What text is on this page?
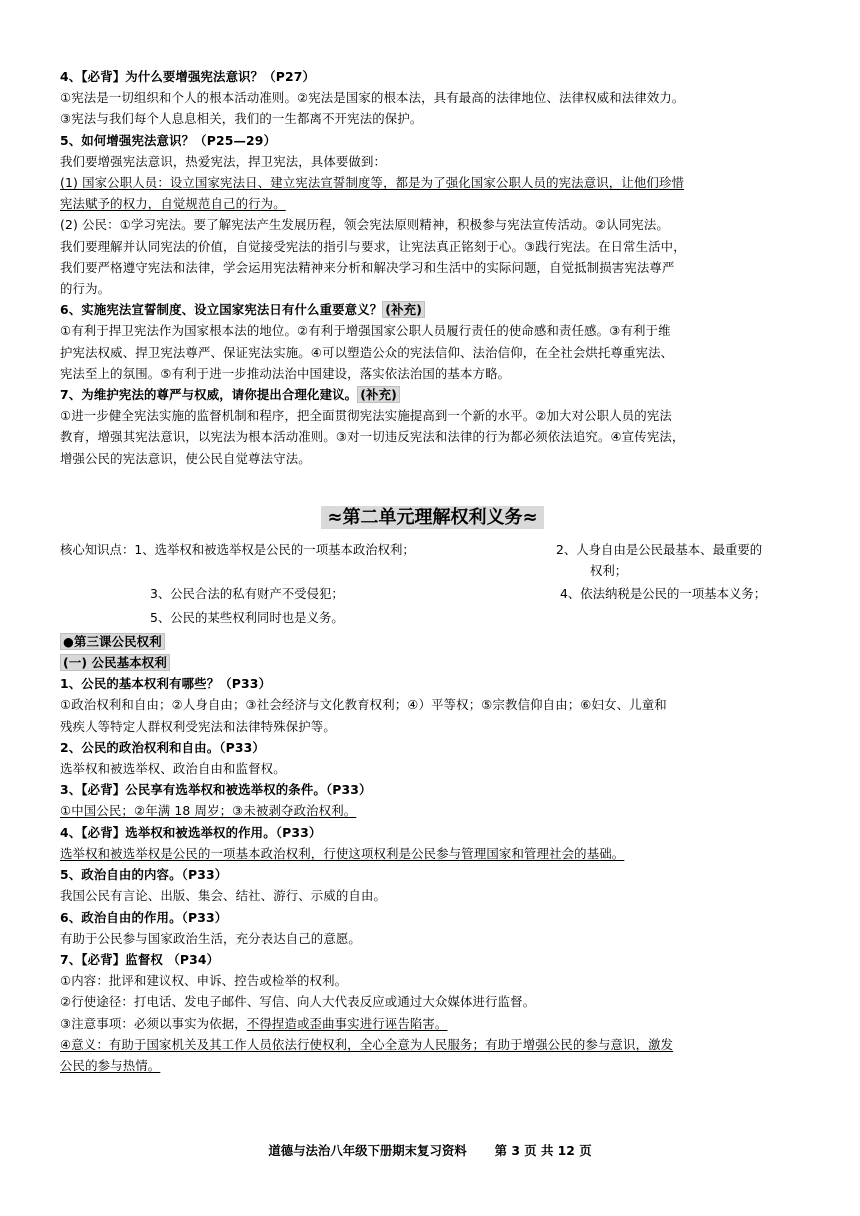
4、【必背】为什么要增强宪法意识？（P27）
①宪法是一切组织和个人的根本活动准则。②宪法是国家的根本法，具有最高的法律地位、法律权威和法律效力。
③宪法与我们每个人息息相关，我们的一生都离不开宪法的保护。
5、如何增强宪法意识？（P25—29）
我们要增强宪法意识，热爱宪法，捍卫宪法，具体要做到：
(1) 国家公职人员：设立国家宪法日、建立宪法宣誓制度等，都是为了强化国家公职人员的宪法意识，让他们珍惜
宪法赋予的权力，自觉规范自己的行为。
(2) 公民：①学习宪法。要了解宪法产生发展历程，领会宪法原则精神，积极参与宪法宣传活动。②认同宪法。
我们要理解并认同宪法的价值，自觉接受宪法的指引与要求，让宪法真正铭刻于心。③践行宪法。在日常生活中，
我们要严格遵守宪法和法律，学会运用宪法精神来分析和解决学习和生活中的实际问题，自觉抵制损害宪法尊严
的行为。
6、实施宪法宣誓制度、设立国家宪法日有什么重要意义？ (补充)
①有利于捍卫宪法作为国家根本法的地位。②有利于增强国家公职人员履行责任的使命感和责任感。③有利于维
护宪法权威、捍卫宪法尊严、保证宪法实施。④可以塑造公众的宪法信仰、法治信仰，在全社会烘托尊重宪法、
宪法至上的氛围。⑤有利于进一步推动法治中国建设，落实依法治国的基本方略。
7、为维护宪法的尊严与权威，请你提出合理化建议。 (补充)
①进一步健全宪法实施的监督机制和程序，把全面贯彻宪法实施提高到一个新的水平。②加大对公职人员的宪法
教育，增强其宪法意识，以宪法为根本活动准则。③对一切违反宪法和法律的行为都必须依法追究。④宣传宪法，
增强公民的宪法意识，使公民自觉尊法守法。
≈第二单元理解权利义务≈
核心知识点：1、选举权和被选举权是公民的一项基本政治权利；	2、人身自由是公民最基本、最重要的
权利；
3、公民合法的私有财产不受侵犯；	4、依法纳税是公民的一项基本义务；
5、公民的某些权利同时也是义务。
●第三课公民权利
(一) 公民基本权利
1、公民的基本权利有哪些？（P33）
①政治权利和自由；②人身自由；③社会经济与文化教育权利；④）平等权；⑤宗教信仰自由；⑥妇女、儿童和
残疾人等特定人群权利受宪法和法律特殊保护等。
2、公民的政治权利和自由。（P33）
选举权和被选举权、政治自由和监督权。
3、【必背】公民享有选举权和被选举权的条件。（P33）
①中国公民；②年满 18 周岁；③未被剥夺政治权利。
4、【必背】选举权和被选举权的作用。（P33）
选举权和被选举权是公民的一项基本政治权利，行使这项权利是公民参与管理国家和管理社会的基础。
5、政治自由的内容。（P33）
我国公民有言论、出版、集会、结社、游行、示威的自由。
6、政治自由的作用。（P33）
有助于公民参与国家政治生活，充分表达自己的意愿。
7、【必背】监督权 （P34）
①内容：批评和建议权、申诉、控告或检举的权利。
②行使途径：打电话、发电子邮件、写信、向人大代表反应或通过大众媒体进行监督。
③注意事项：必须以事实为依据，不得捏造或歪曲事实进行诬告陷害。
④意义：有助于国家机关及其工作人员依法行使权利，全心全意为人民服务；有助于增强公民的参与意识，激发
公民的参与热情。
道德与法治八年级下册期末复习资料 第 3 页 共 12 页
